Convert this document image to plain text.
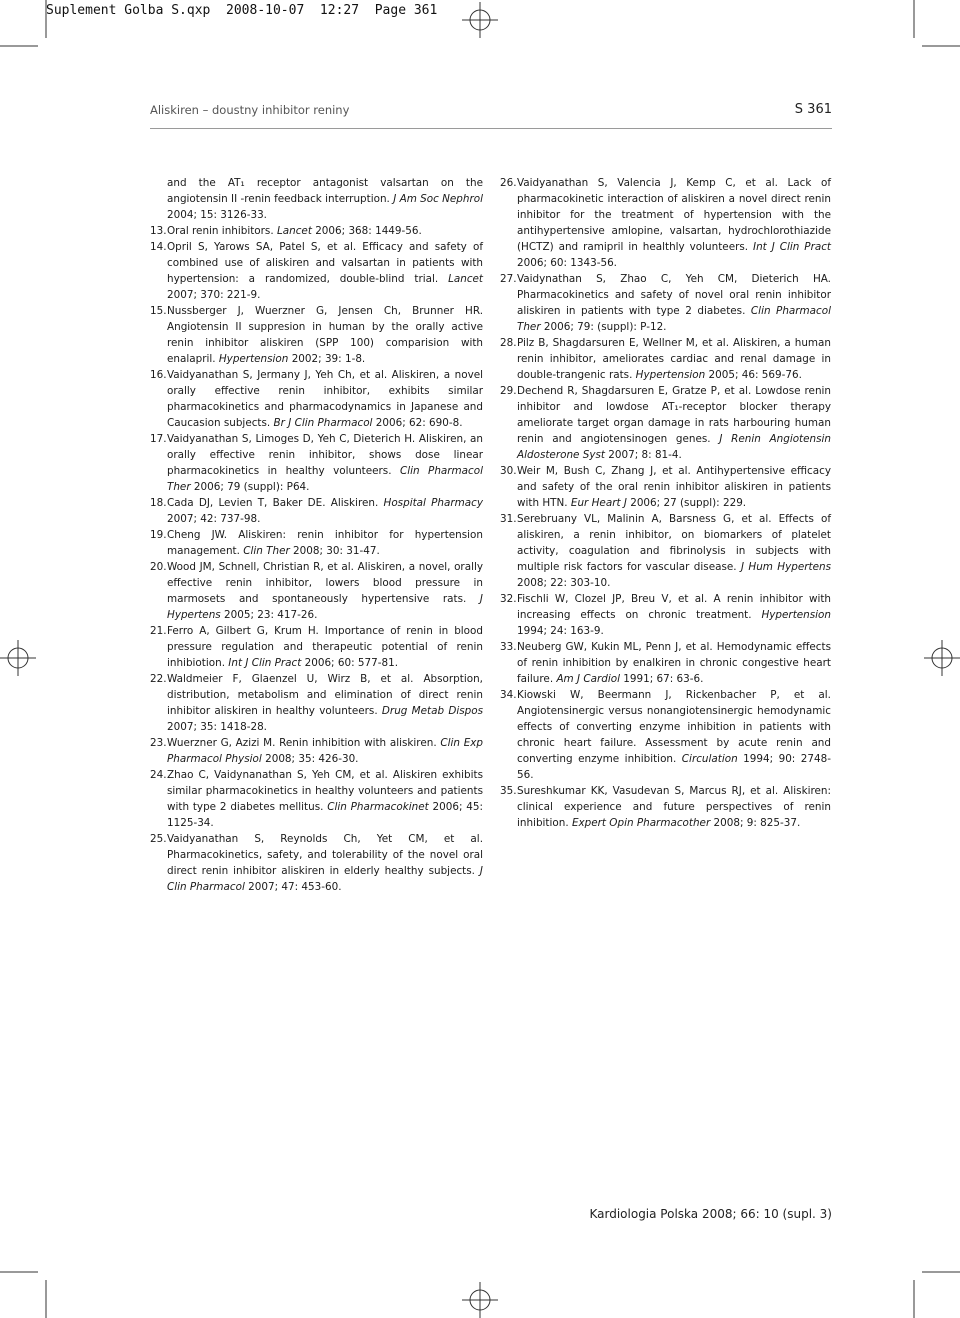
Suplement Golba S.qxp  2008-10-07  12:27  Page 361
Aliskiren – doustny inhibitor reniny	S 361
and the AT₁ receptor antagonist valsartan on the angiotensin II -renin feedback interruption. J Am Soc Nephrol 2004; 15: 3126-33.
13. Oral renin inhibitors. Lancet 2006; 368: 1449-56.
14. Opril S, Yarows SA, Patel S, et al. Efficacy and safety of combined use of aliskiren and valsartan in patients with hypertension: a randomized, double-blind trial. Lancet 2007; 370: 221-9.
15. Nussberger J, Wuerzner G, Jensen Ch, Brunner HR. Angiotensin II suppresion in human by the orally active renin inhibitor aliskiren (SPP 100) comparision with enalapril. Hypertension 2002; 39: 1-8.
16. Vaidyanathan S, Jermany J, Yeh Ch, et al. Aliskiren, a novel orally effective renin inhibitor, exhibits similar pharmacokinetics and pharmacodynamics in Japanese and Caucasion subjects. Br J Clin Pharmacol 2006; 62: 690-8.
17. Vaidyanathan S, Limoges D, Yeh C, Dieterich H. Aliskiren, an orally effective renin inhibitor, shows dose linear pharmacokinetics in healthy volunteers. Clin Pharmacol Ther 2006; 79 (suppl): P64.
18. Cada DJ, Levien T, Baker DE. Aliskiren. Hospital Pharmacy 2007; 42: 737-98.
19. Cheng JW. Aliskiren: renin inhibitor for hypertension management. Clin Ther 2008; 30: 31-47.
20. Wood JM, Schnell, Christian R, et al. Aliskiren, a novel, orally effective renin inhibitor, lowers blood pressure in marmosets and spontaneously hypertensive rats. J Hypertens 2005; 23: 417-26.
21. Ferro A, Gilbert G, Krum H. Importance of renin in blood pressure regulation and therapeutic potential of renin inhibiotion. Int J Clin Pract 2006; 60: 577-81.
22. Waldmeier F, Glaenzel U, Wirz B, et al. Absorption, distribution, metabolism and elimination of direct renin inhibitor aliskiren in healthy volunteers. Drug Metab Dispos 2007; 35: 1418-28.
23. Wuerzner G, Azizi M. Renin inhibition with aliskiren. Clin Exp Pharmacol Physiol 2008; 35: 426-30.
24. Zhao C, Vaidynanathan S, Yeh CM, et al. Aliskiren exhibits similar pharmacokinetics in healthy volunteers and patients with type 2 diabetes mellitus. Clin Pharmacokinet 2006; 45: 1125-34.
25. Vaidyanathan S, Reynolds Ch, Yet CM, et al. Pharmacokinetics, safety, and tolerability of the novel oral direct renin inhibitor aliskiren in elderly healthy subjects. J Clin Pharmacol 2007; 47: 453-60.
26. Vaidyanathan S, Valencia J, Kemp C, et al. Lack of pharmacokinetic interaction of aliskiren a novel direct renin inhibitor for the treatment of hypertension with the antihypertensive amlopine, valsartan, hydrochlorothiazide (HCTZ) and ramipril in healthly volunteers. Int J Clin Pract 2006; 60: 1343-56.
27. Vaidynathan S, Zhao C, Yeh CM, Dieterich HA. Pharmacokinetics and safety of novel oral renin inhibitor aliskiren in patients with type 2 diabetes. Clin Pharmacol Ther 2006; 79: (suppl): P-12.
28. Pilz B, Shagdarsuren E, Wellner M, et al. Aliskiren, a human renin inhibitor, ameliorates cardiac and renal damage in double-trangenic rats. Hypertension 2005; 46: 569-76.
29. Dechend R, Shagdarsuren E, Gratze P, et al. Lowdose renin inhibitor and lowdose AT₁-receptor blocker therapy ameliorate target organ damage in rats harbouring human renin and angiotensinogen genes. J Renin Angiotensin Aldosterone Syst 2007; 8: 81-4.
30. Weir M, Bush C, Zhang J, et al. Antihypertensive efficacy and safety of the oral renin inhibitor aliskiren in patients with HTN. Eur Heart J 2006; 27 (suppl): 229.
31. Serebruany VL, Malinin A, Barsness G, et al. Effects of aliskiren, a renin inhibitor, on biomarkers of platelet activity, coagulation and fibrinolysis in subjects with multiple risk factors for vascular disease. J Hum Hypertens 2008; 22: 303-10.
32. Fischli W, Clozel JP, Breu V, et al. A renin inhibitor with increasing effects on chronic treatment. Hypertension 1994; 24: 163-9.
33. Neuberg GW, Kukin ML, Penn J, et al. Hemodynamic effects of renin inhibition by enalkiren in chronic congestive heart failure. Am J Cardiol 1991; 67: 63-6.
34. Kiowski W, Beermann J, Rickenbacher P, et al. Angiotensinergic versus nonangiotensinergic hemodynamic effects of converting enzyme inhibition in patients with chronic heart failure. Assessment by acute renin and converting enzyme inhibition. Circulation 1994; 90: 2748-56.
35. Sureshkumar KK, Vasudevan S, Marcus RJ, et al. Aliskiren: clinical experience and future perspectives of renin inhibition. Expert Opin Pharmacother 2008; 9: 825-37.
Kardiologia Polska 2008; 66: 10 (supl. 3)
